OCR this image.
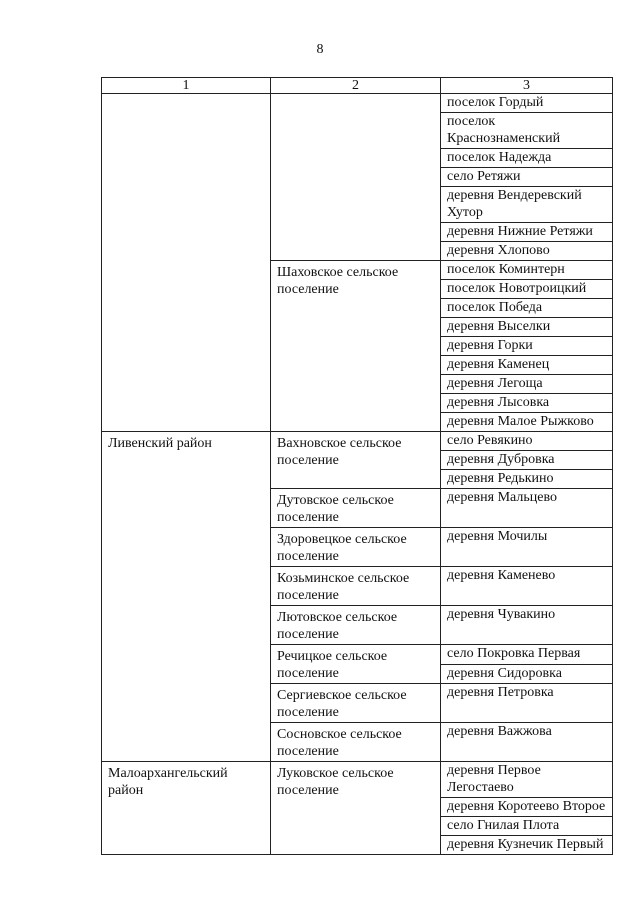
8
1	2	3
		поселок Гордый
		поселок Краснознаменский
		поселок Надежда
		село Ретяжи
		деревня Вендеревский Хутор
		деревня Нижние Ретяжи
		деревня Хлопово
	Шаховское сельское поселение	поселок Коминтерн
		поселок Новотроицкий
		поселок Победа
		деревня Выселки
		деревня Горки
		деревня Каменец
		деревня Легоща
		деревня Лысовка
		деревня Малое Рыжково
Ливенский район	Вахновское сельское поселение	село Ревякино
		деревня Дубровка
		деревня Редькино
	Дутовское сельское поселение	деревня Мальцево
	Здоровецкое сельское поселение	деревня Мочилы
	Козьминское сельское поселение	деревня Каменево
	Лютовское сельское поселение	деревня Чувакино
	Речицкое сельское поселение	село Покровка Первая
		деревня Сидоровка
	Сергиевское сельское поселение	деревня Петровка
	Сосновское сельское поселение	деревня Важжова
Малоархангельский район	Луковское сельское поселение	деревня Первое Легостаево
		деревня Коротеево Второе
		село Гнилая Плота
		деревня Кузнечик Первый
